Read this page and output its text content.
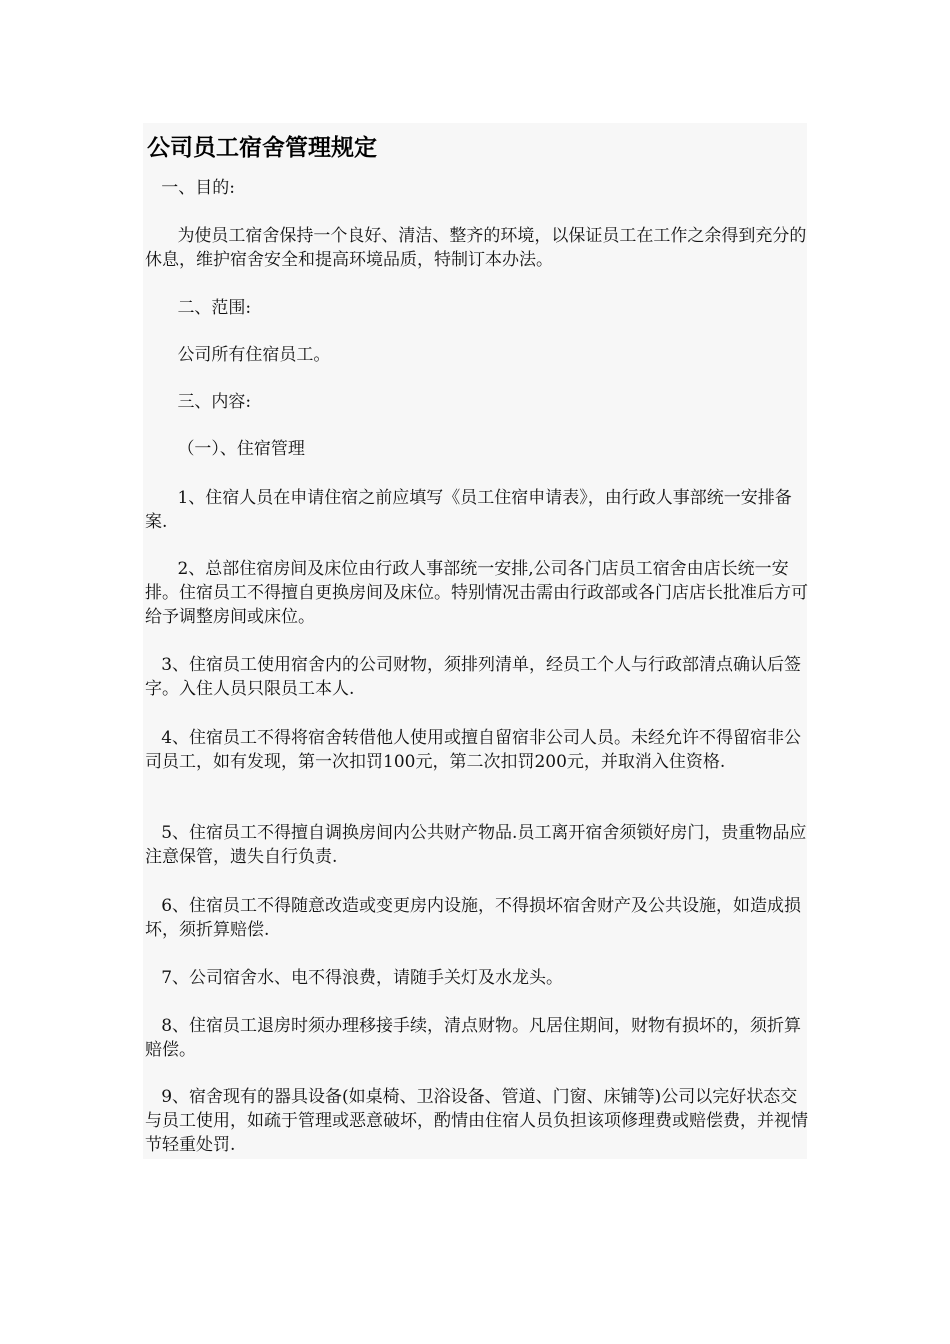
公司员工宿舍管理规定

一、目的:

为使员工宿舍保持一个良好、清洁、整齐的环境，以保证员工在工作之余得到充分的休息，维护宿舍安全和提高环境品质，特制订本办法。

二、范围:

公司所有住宿员工。

三、内容:

（一）、住宿管理

1、住宿人员在申请住宿之前应填写《员工住宿申请表》，由行政人事部统一安排备案.

2、总部住宿房间及床位由行政人事部统一安排,公司各门店员工宿舍由店长统一安排。住宿员工不得擅自更换房间及床位。特别情况击需由行政部或各门店店长批准后方可给予调整房间或床位。

3、住宿员工使用宿舍内的公司财物，须排列清单，经员工个人与行政部清点确认后签字。入住人员只限员工本人.

4、住宿员工不得将宿舍转借他人使用或擅自留宿非公司人员。未经允许不得留宿非公司员工，如有发现，第一次扣罚100元，第二次扣罚200元，并取消入住资格.

5、住宿员工不得擅自调换房间内公共财产物品.员工离开宿舍须锁好房门，贵重物品应注意保管，遗失自行负责.

6、住宿员工不得随意改造或变更房内设施，不得损坏宿舍财产及公共设施，如造成损坏，须折算赔偿.

7、公司宿舍水、电不得浪费，请随手关灯及水龙头。

8、住宿员工退房时须办理移接手续，清点财物。凡居住期间，财物有损坏的，须折算赔偿。

9、宿舍现有的器具设备(如桌椅、卫浴设备、管道、门窗、床铺等)公司以完好状态交与员工使用，如疏于管理或恶意破坏，酌情由住宿人员负担该项修理费或赔偿费，并视情节轻重处罚.
